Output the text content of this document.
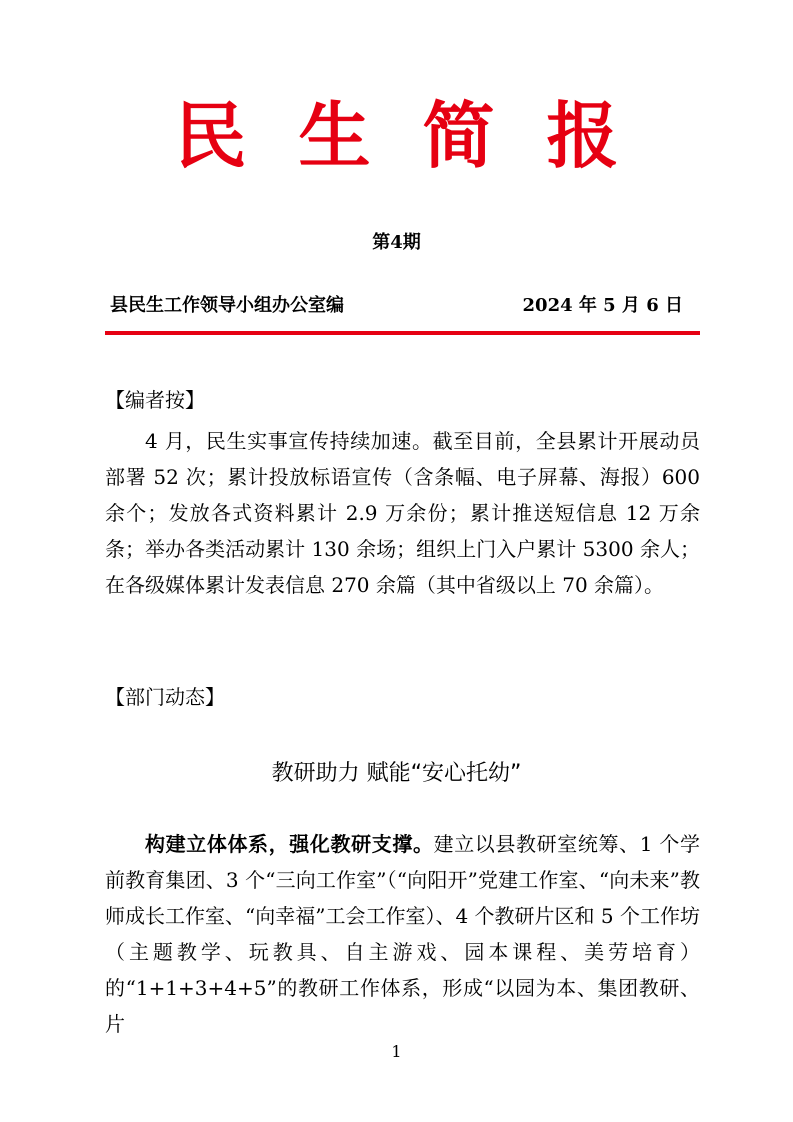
民生简报
第4期
县民生工作领导小组办公室编	2024 年 5 月 6 日
【编者按】

4 月，民生实事宣传持续加速。截至目前，全县累计开展动员部署 52 次；累计投放标语宣传（含条幅、电子屏幕、海报）600 余个；发放各式资料累计 2.9 万余份；累计推送短信息 12 万余条；举办各类活动累计 130 余场；组织上门入户累计 5300 余人；在各级媒体累计发表信息 270 余篇（其中省级以上 70 余篇）。

【部门动态】
教研助力 赋能“安心托幼”

构建立体体系，强化教研支撑。建立以县教研室统筹、1 个学前教育集团、3 个“三向工作室”（“向阳开”党建工作室、“向未来”教师成长工作室、“向幸福”工会工作室）、4 个教研片区和 5 个工作坊（主题教学、玩教具、自主游戏、园本课程、美劳培育）的“1+1+3+4+5”的教研工作体系，形成“以园为本、集团教研、片

1
